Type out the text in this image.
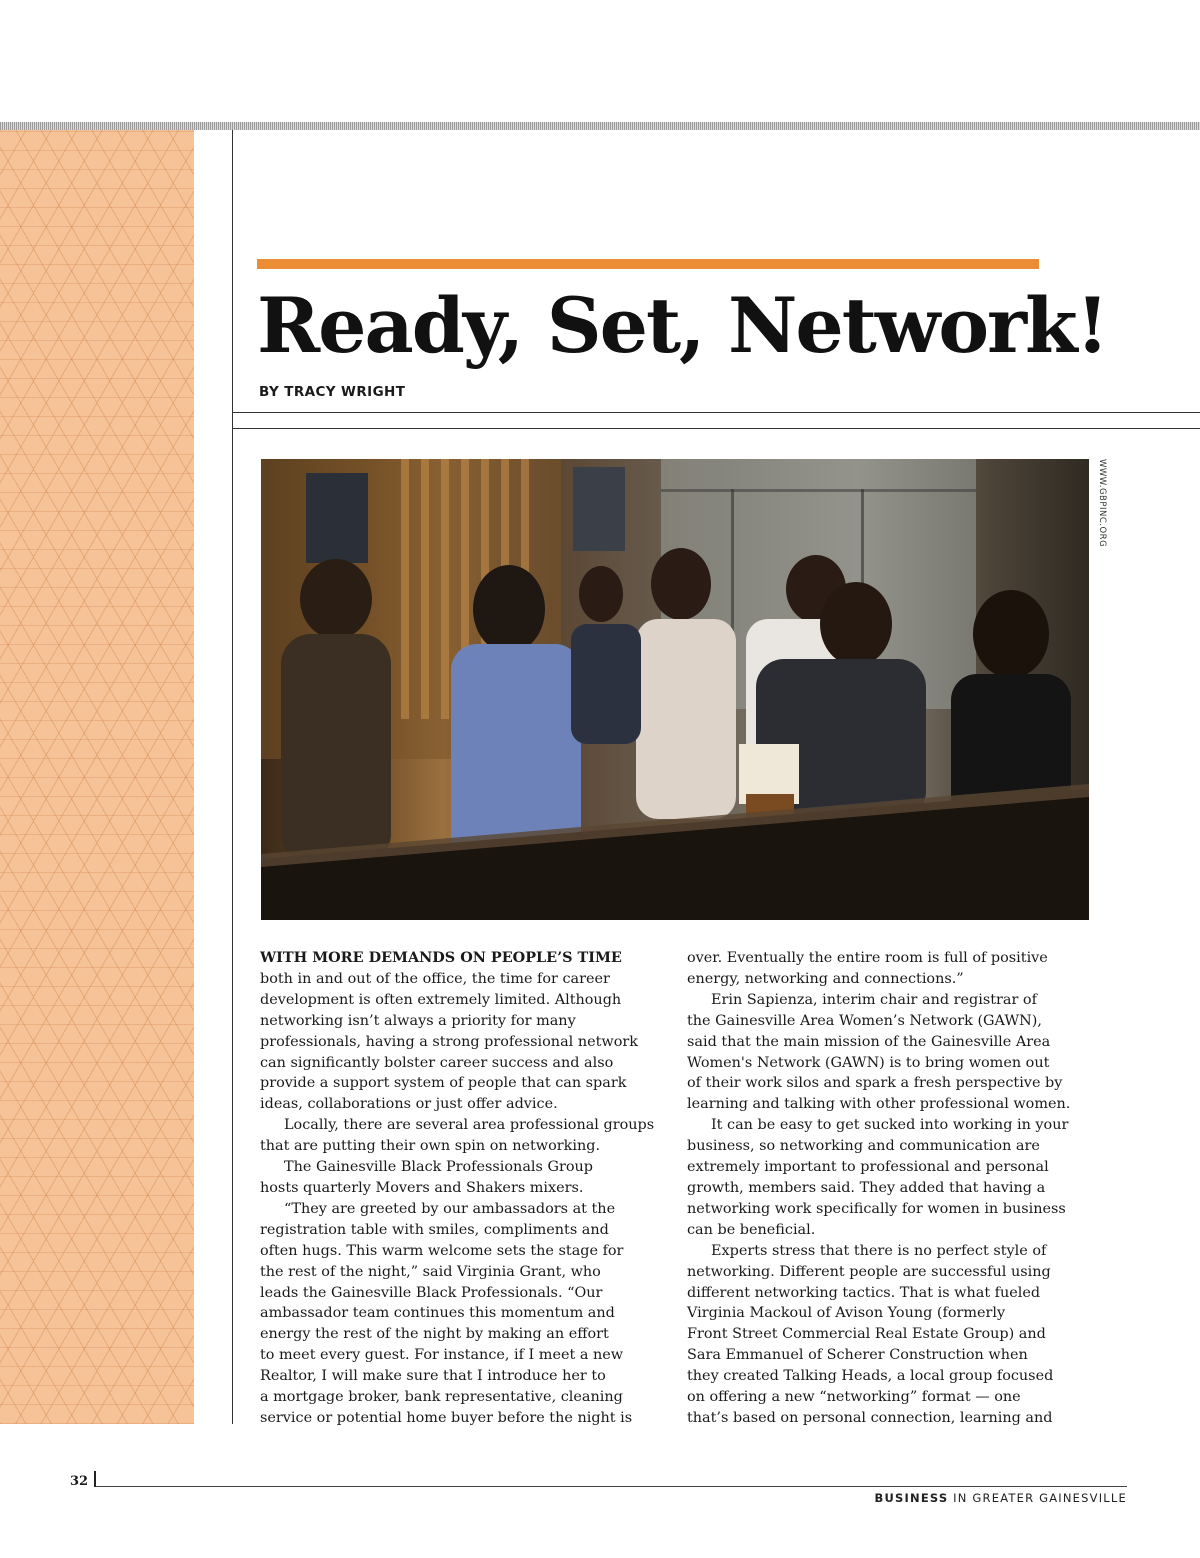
Ready, Set, Network!

BY TRACY WRIGHT

WWW.GBPINC.ORG

WITH MORE DEMANDS ON PEOPLE’S TIME

both in and out of the office, the time for career

development is often extremely limited. Although

networking isn’t always a priority for many

professionals, having a strong professional network

can significantly bolster career success and also

provide a support system of people that can spark

ideas, collaborations or just offer advice.

Locally, there are several area professional groups

that are putting their own spin on networking.

The Gainesville Black Professionals Group

hosts quarterly Movers and Shakers mixers.

“They are greeted by our ambassadors at the

registration table with smiles, compliments and

often hugs. This warm welcome sets the stage for

the rest of the night,” said Virginia Grant, who

leads the Gainesville Black Professionals. “Our

ambassador team continues this momentum and

energy the rest of the night by making an effort

to meet every guest. For instance, if I meet a new

Realtor, I will make sure that I introduce her to

a mortgage broker, bank representative, cleaning

service or potential home buyer before the night is

over. Eventually the entire room is full of positive

energy, networking and connections.”

Erin Sapienza, interim chair and registrar of

the Gainesville Area Women’s Network (GAWN),

said that the main mission of the Gainesville Area

Women's Network (GAWN) is to bring women out

of their work silos and spark a fresh perspective by

learning and talking with other professional women.

It can be easy to get sucked into working in your

business, so networking and communication are

extremely important to professional and personal

growth, members said. They added that having a

networking work specifically for women in business

can be beneficial.

Experts stress that there is no perfect style of

networking. Different people are successful using

different networking tactics. That is what fueled

Virginia Mackoul of Avison Young (formerly

Front Street Commercial Real Estate Group) and

Sara Emmanuel of Scherer Construction when

they created Talking Heads, a local group focused

on offering a new “networking” format — one

that’s based on personal connection, learning and

32
BUSINESS IN GREATER GAINESVILLE
